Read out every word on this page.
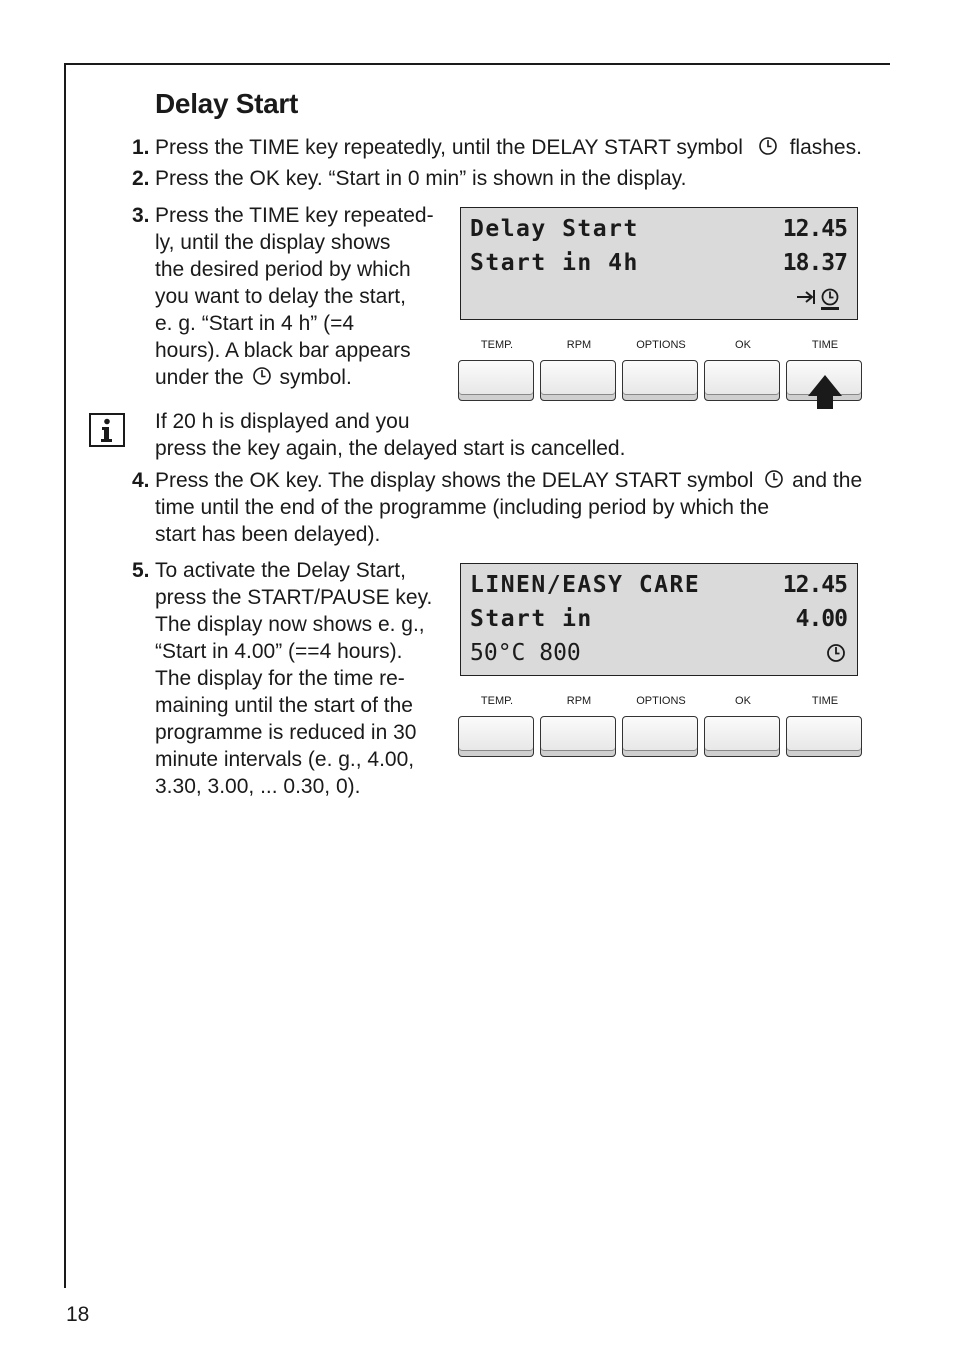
Delay Start
1. Press the TIME key repeatedly, until the DELAY START symbol flashes.
2. Press the OK key. “Start in 0 min” is shown in the display.
3. Press the TIME key repeated-
ly, until the display shows
the desired period by which
you want to delay the start,
e. g. “Start in 4 h” (=4
hours). A black bar appears
under the symbol.
Delay Start	12.45
Start in 4h	18.37
TEMP.	RPM	OPTIONS	OK	TIME
If 20 h is displayed and you
press the key again, the delayed start is cancelled.
4. Press the OK key. The display shows the DELAY START symbol and the
time until the end of the programme (including period by which the
start has been delayed).
5. To activate the Delay Start,
press the START/PAUSE key.
The display now shows e. g.,
“Start in 4.00” (==4 hours).
The display for the time re-
maining until the start of the
programme is reduced in 30
minute intervals (e. g., 4.00,
3.30, 3.00, ... 0.30, 0).
LINEN/EASY CARE	12.45
Start in	4.00
50°C 800
TEMP.	RPM	OPTIONS	OK	TIME
18
